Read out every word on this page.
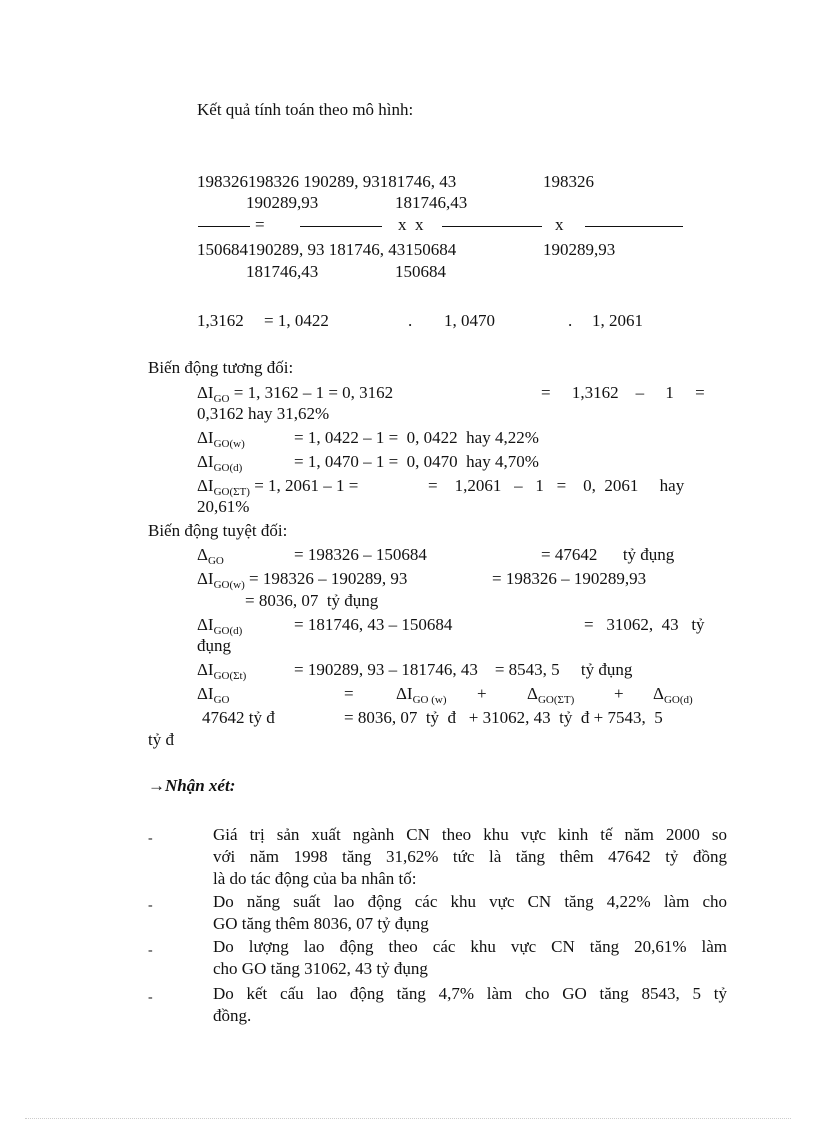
Kết quả tính toán theo mô hình:
198326198326 190289, 93181746, 43	198326
190289,93	181746,43
=	x  x	x
150684190289, 93 181746, 43150684	190289,93
181746,43	150684
1,3162 = 1, 0422	. 1, 0470	. 1, 2061
Biến động tương đối:
$\Delta I_{GO} = 1$, 3162 – 1 = 0, 3162	=     1,3162    –     1     =
0,3162 hay 31,62%
$\Delta I_{GO(w)}$	= 1, 0422 – 1 =  0, 0422  hay 4,22%
$\Delta I_{GO(d)}$	= 1, 0470 – 1 =  0, 0470  hay 4,70%
$\Delta I_{GO(\Sigma T)} = 1$, 2061 – 1 =	=    1,2061   –   1   =    0,  2061     hay
20,61%
Biến động tuyệt đối:
$\Delta_{GO}$	= 198326 – 150684	= 47642      tỷ đụng
$\Delta I_{GO(w)} = 198326 - 190289$, 93	= 198326 – 190289,93
= 8036, 07  tỷ đụng
$\Delta I_{GO(d)}$	= 181746, 43 – 150684	=   31062,  43   tỷ
đụng
$\Delta I_{GO(\Sigma t)}$	= 190289, 93 – 181746, 43    = 8543, 5     tỷ đụng
$\Delta I_{GO}$	= $\Delta I_{GO (w)} + \Delta_{GO(\Sigma T)} + \Delta_{GO(d)}$
47642 tỷ đ	= 8036, 07  tỷ  đ   + 31062, 43  tỷ  đ + 7543,  5
tỷ đ
→Nhận xét:
-	Giá trị sản xuất ngành CN theo khu vực kinh tế năm 2000 so
với năm 1998 tăng 31,62% tức là tăng thêm 47642 tỷ đồng
là do tác động của ba nhân tố:
-	Do năng suất lao động các khu vực CN tăng 4,22% làm cho
GO tăng thêm 8036, 07 tỷ đụng
-	Do lượng lao động theo các khu vực CN tăng 20,61% làm
cho GO tăng 31062, 43 tỷ đụng
-	Do kết cấu lao động tăng 4,7% làm cho GO tăng 8543, 5 tỷ
đồng.
